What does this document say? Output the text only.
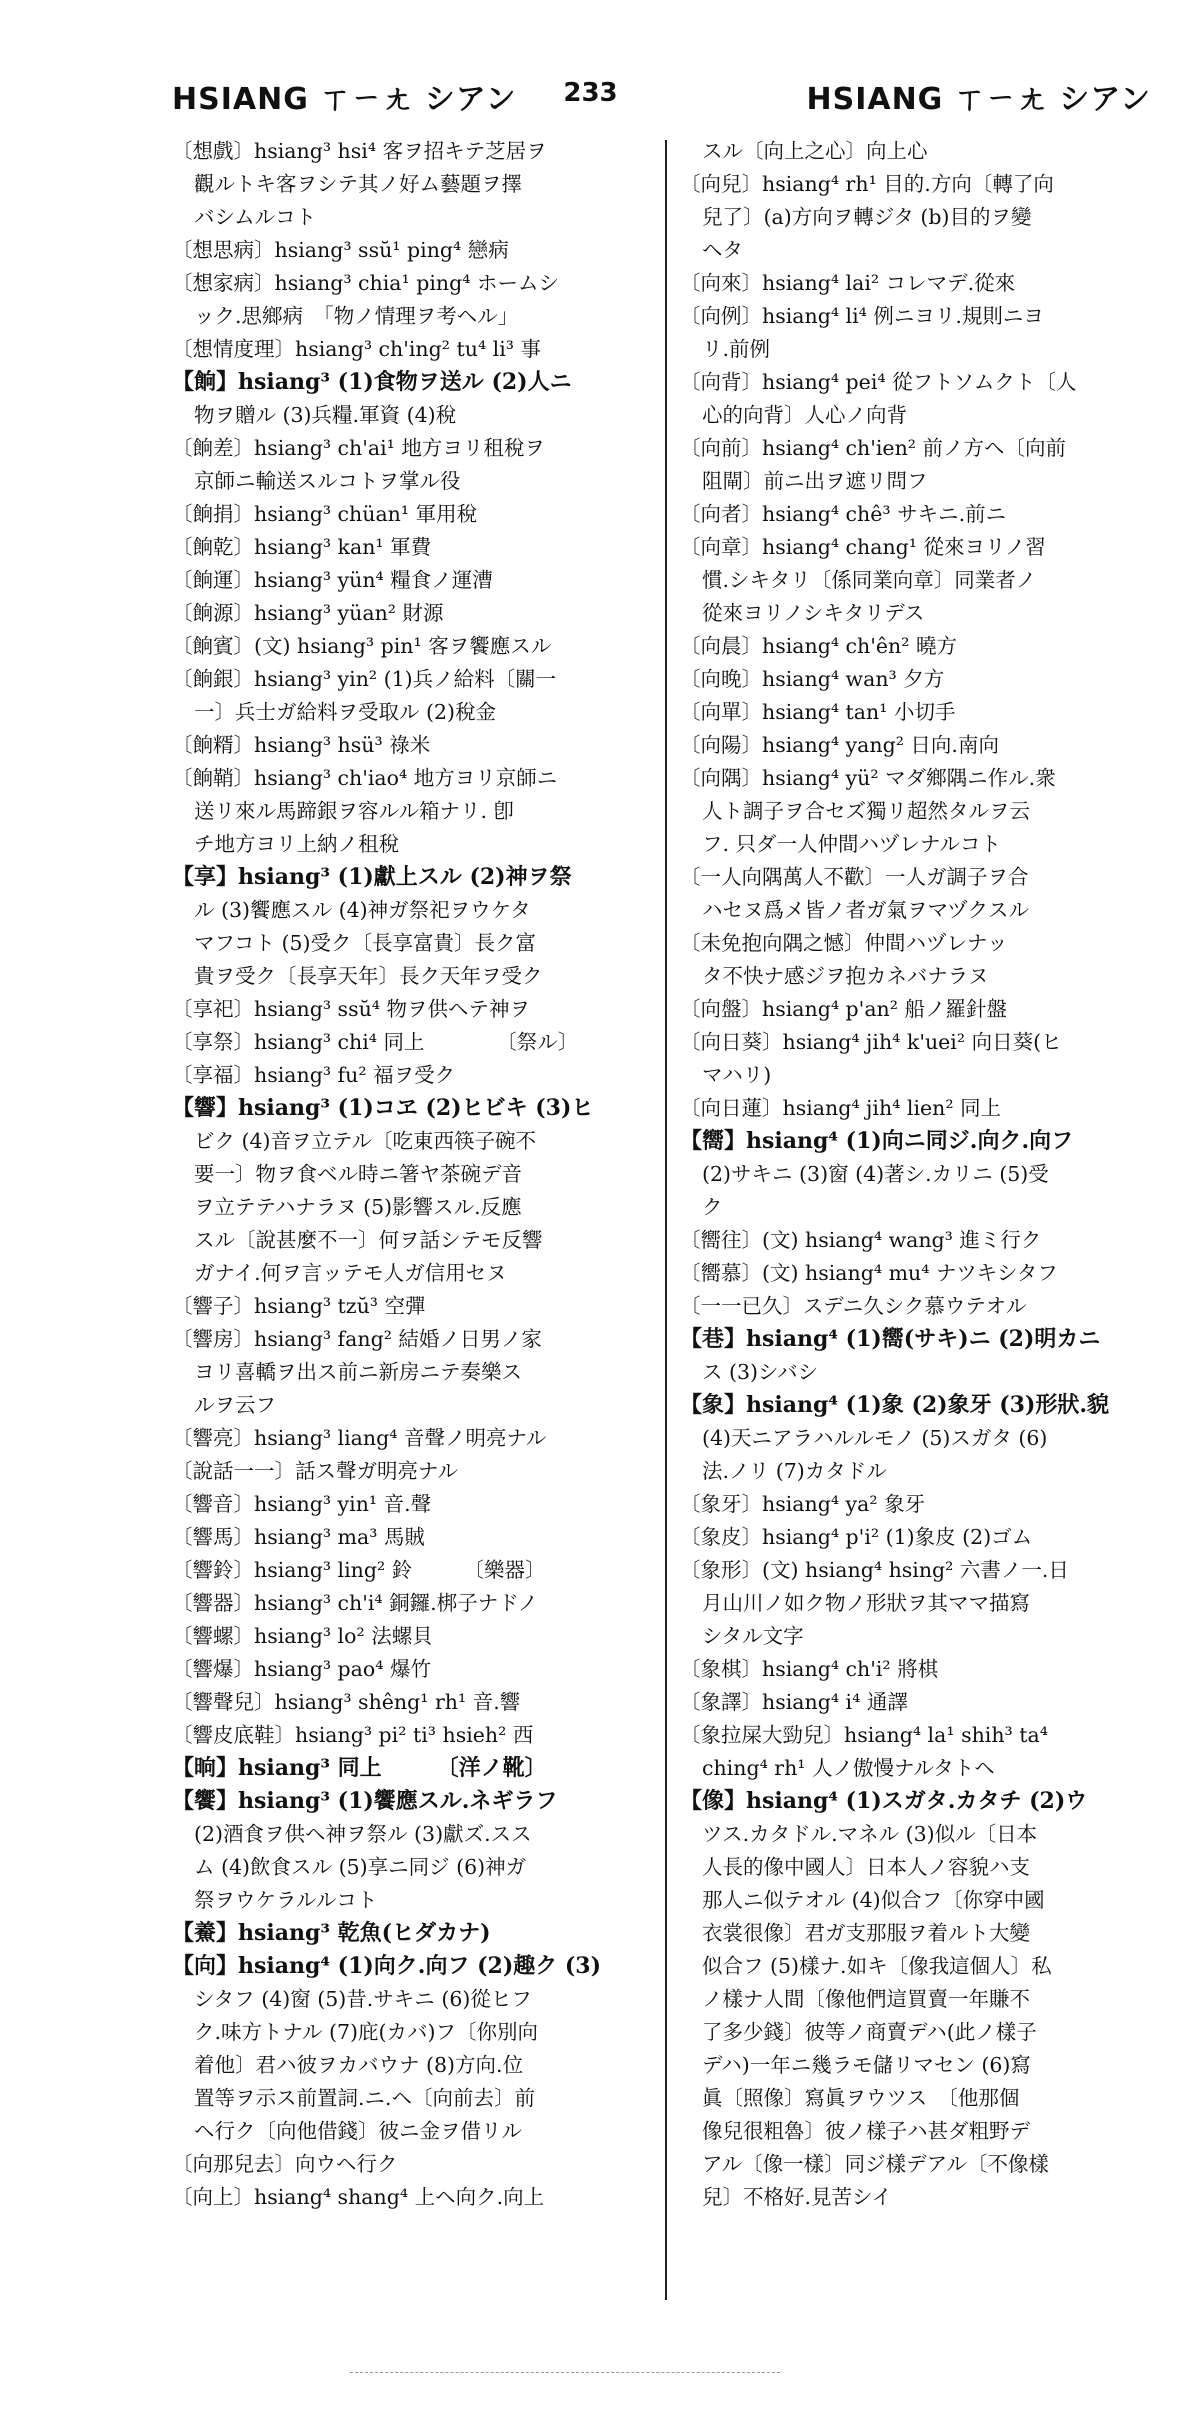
HSIANG ㄒㄧㄤ シアン	233	HSIANG ㄒㄧㄤ シアン
〔想戲〕hsiang³ hsi⁴ 客ヲ招キテ芝居ヲ
觀ルトキ客ヲシテ其ノ好ム藝題ヲ擇
バシムルコト
〔想思病〕hsiang³ ssŭ¹ ping⁴ 戀病
〔想家病〕hsiang³ chia¹ ping⁴ ホームシ
ック.思鄉病　「物ノ情理ヲ考ヘル」
〔想情度理〕hsiang³ ch'ing² tu⁴ li³ 事
【餉】hsiang³ (1)食物ヲ送ル (2)人ニ
物ヲ贈ル (3)兵糧.軍資 (4)稅
〔餉差〕hsiang³ ch'ai¹ 地方ヨリ租稅ヲ
京師ニ輸送スルコトヲ掌ル役
〔餉捐〕hsiang³ chüan¹ 軍用稅
〔餉乾〕hsiang³ kan¹ 軍費
〔餉運〕hsiang³ yün⁴ 糧食ノ運漕
〔餉源〕hsiang³ yüan² 財源
〔餉賓〕(文) hsiang³ pin¹ 客ヲ饗應スル
〔餉銀〕hsiang³ yin² (1)兵ノ給料〔關一
一〕兵士ガ給料ヲ受取ル (2)稅金
〔餉糈〕hsiang³ hsü³ 祿米
〔餉鞘〕hsiang³ ch'iao⁴ 地方ヨリ京師ニ
送リ來ル馬蹄銀ヲ容ルル箱ナリ. 卽
チ地方ヨリ上納ノ租稅
【享】hsiang³ (1)獻上スル (2)神ヲ祭
ル (3)饗應スル (4)神ガ祭祀ヲウケタ
マフコト (5)受ク〔長享富貴〕長ク富
貴ヲ受ク〔長享天年〕長ク天年ヲ受ク
〔享祀〕hsiang³ ssŭ⁴ 物ヲ供ヘテ神ヲ
〔享祭〕hsiang³ chi⁴ 同上　　　　〔祭ル〕
〔享福〕hsiang³ fu² 福ヲ受ク
【響】hsiang³ (1)コヱ (2)ヒビキ (3)ヒ
ビク (4)音ヲ立テル〔吃東西筷子碗不
要一〕物ヲ食ベル時ニ箸ヤ茶碗デ音
ヲ立テテハナラヌ (5)影響スル.反應
スル〔說甚麼不一〕何ヲ話シテモ反響
ガナイ.何ヲ言ッテモ人ガ信用セヌ
〔響子〕hsiang³ tzŭ³ 空彈
〔響房〕hsiang³ fang² 結婚ノ日男ノ家
ヨリ喜轎ヲ出ス前ニ新房ニテ奏樂ス
ルヲ云フ
〔響亮〕hsiang³ liang⁴ 音聲ノ明亮ナル
〔說話一一〕話ス聲ガ明亮ナル
〔響音〕hsiang³ yin¹ 音.聲
〔響馬〕hsiang³ ma³ 馬賊
〔響鈴〕hsiang³ ling² 鈴　　　〔樂器〕
〔響器〕hsiang³ ch'i⁴ 銅鑼.梆子ナドノ
〔響螺〕hsiang³ lo² 法螺貝
〔響爆〕hsiang³ pao⁴ 爆竹
〔響聲兒〕hsiang³ shêng¹ rh¹ 音.響
〔響皮底鞋〕hsiang³ pi² ti³ hsieh² 西
【晌】hsiang³ 同上　　　〔洋ノ靴〕
【饗】hsiang³ (1)饗應スル.ネギラフ
(2)酒食ヲ供ヘ神ヲ祭ル (3)獻ズ.スス
ム (4)飲食スル (5)享ニ同ジ (6)神ガ
祭ヲウケラルルコト
【鯗】hsiang³ 乾魚(ヒダカナ)
【向】hsiang⁴ (1)向ク.向フ (2)趣ク (3)
シタフ (4)窗 (5)昔.サキニ (6)從ヒフ
ク.味方トナル (7)庇(カバ)フ〔你別向
着他〕君ハ彼ヲカバウナ (8)方向.位
置等ヲ示ス前置詞.ニ.ヘ〔向前去〕前
ヘ行ク〔向他借錢〕彼ニ金ヲ借リル
〔向那兒去〕向ウヘ行ク
〔向上〕hsiang⁴ shang⁴ 上ヘ向ク.向上
スル〔向上之心〕向上心
〔向兒〕hsiang⁴ rh¹ 目的.方向〔轉了向
兒了〕(a)方向ヲ轉ジタ (b)目的ヲ變
ヘタ
〔向來〕hsiang⁴ lai² コレマデ.從來
〔向例〕hsiang⁴ li⁴ 例ニヨリ.規則ニヨ
リ.前例
〔向背〕hsiang⁴ pei⁴ 從フトソムクト〔人
心的向背〕人心ノ向背
〔向前〕hsiang⁴ ch'ien² 前ノ方ヘ〔向前
阻閘〕前ニ出ヲ遮リ問フ
〔向者〕hsiang⁴ chê³ サキニ.前ニ
〔向章〕hsiang⁴ chang¹ 從來ヨリノ習
慣.シキタリ〔係同業向章〕同業者ノ
從來ヨリノシキタリデス
〔向晨〕hsiang⁴ ch'ên² 曉方
〔向晚〕hsiang⁴ wan³ 夕方
〔向單〕hsiang⁴ tan¹ 小切手
〔向陽〕hsiang⁴ yang² 日向.南向
〔向隅〕hsiang⁴ yü² マダ鄉隅ニ作ル.衆
人ト調子ヲ合セズ獨リ超然タルヲ云
フ. 只ダ一人仲間ハヅレナルコト
〔一人向隅萬人不歡〕一人ガ調子ヲ合
ハセヌ爲メ皆ノ者ガ氣ヲマヅクスル
〔未免抱向隅之憾〕仲間ハヅレナッ
タ不快ナ感ジヲ抱カネバナラヌ
〔向盤〕hsiang⁴ p'an² 船ノ羅針盤
〔向日葵〕hsiang⁴ jih⁴ k'uei² 向日葵(ヒ
マハリ)
〔向日蓮〕hsiang⁴ jih⁴ lien² 同上
【嚮】hsiang⁴ (1)向ニ同ジ.向ク.向フ
(2)サキニ (3)窗 (4)著シ.カリニ (5)受
ク
〔嚮往〕(文) hsiang⁴ wang³ 進ミ行ク
〔嚮慕〕(文) hsiang⁴ mu⁴ ナツキシタフ
〔一一已久〕スデニ久シク慕ウテオル
【巷】hsiang⁴ (1)嚮(サキ)ニ (2)明カニ
ス (3)シバシ
【象】hsiang⁴ (1)象 (2)象牙 (3)形狀.貌
(4)天ニアラハルルモノ (5)スガタ (6)
法.ノリ (7)カタドル
〔象牙〕hsiang⁴ ya² 象牙
〔象皮〕hsiang⁴ p'i² (1)象皮 (2)ゴム
〔象形〕(文) hsiang⁴ hsing² 六書ノ一.日
月山川ノ如ク物ノ形狀ヲ其ママ描寫
シタル文字
〔象棋〕hsiang⁴ ch'i² 將棋
〔象譯〕hsiang⁴ i⁴ 通譯
〔象拉屎大勁兒〕hsiang⁴ la¹ shih³ ta⁴
ching⁴ rh¹ 人ノ傲慢ナルタトヘ
【像】hsiang⁴ (1)スガタ.カタチ (2)ウ
ツス.カタドル.マネル (3)似ル〔日本
人長的像中國人〕日本人ノ容貌ハ支
那人ニ似テオル (4)似合フ〔你穿中國
衣裳很像〕君ガ支那服ヲ着ルト大變
似合フ (5)樣ナ.如キ〔像我這個人〕私
ノ樣ナ人間〔像他們這買賣一年賺不
了多少錢〕彼等ノ商賣デハ(此ノ樣子
デハ)一年ニ幾ラモ儲リマセン (6)寫
眞〔照像〕寫眞ヲウツス　〔他那個
像兒很粗魯〕彼ノ樣子ハ甚ダ粗野デ
アル〔像一樣〕同ジ樣デアル〔不像樣
兒〕不格好.見苦シイ
